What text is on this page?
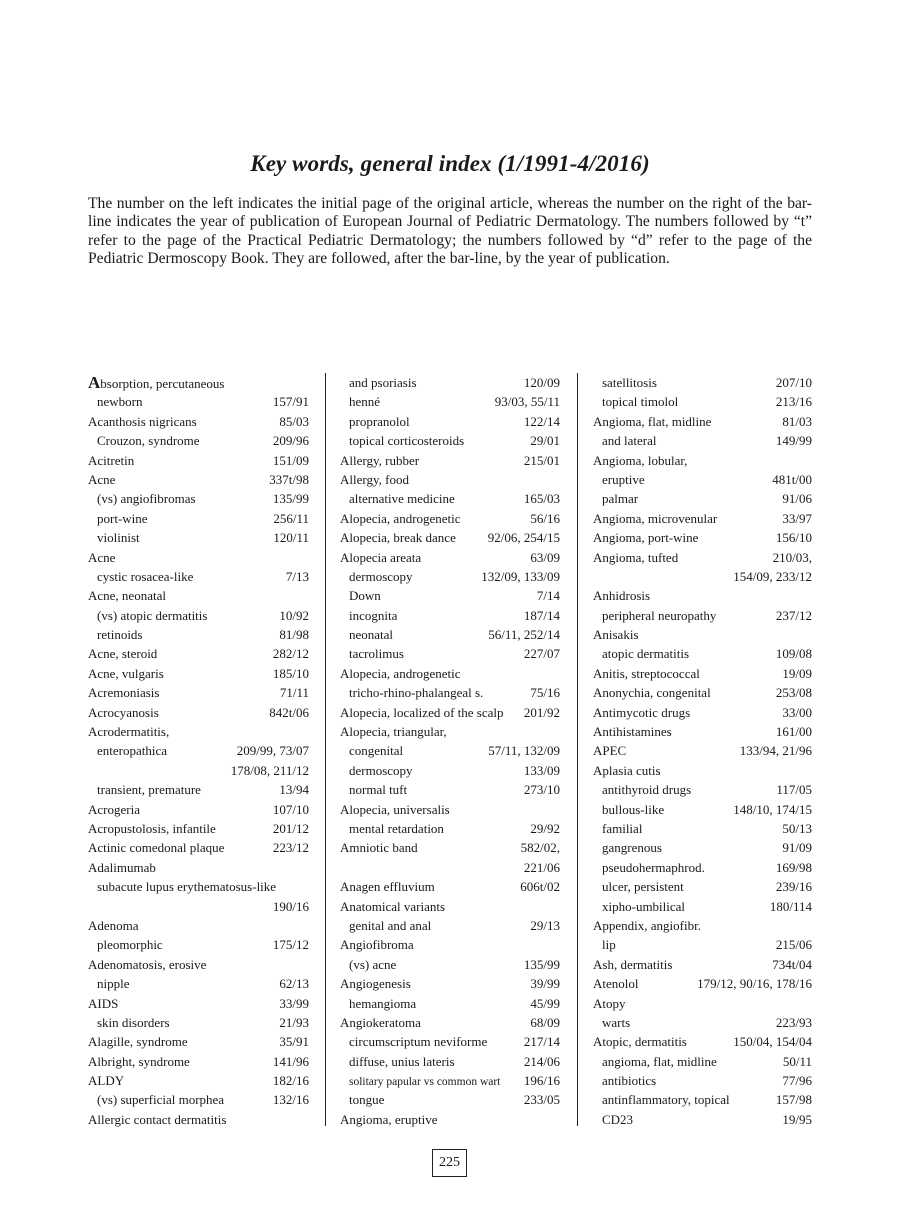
Key words, general index (1/1991-4/2016)

The number on the left indicates the initial page of the original article, whereas the number on the right of the bar-line indicates the year of publication of European Journal of Pediatric Dermatology. The numbers followed by “t” refer to the page of the Practical Pediatric Dermatology; the numbers followed by “d” refer to the page of the Pediatric Dermoscopy Book. They are followed, after the bar-line, by the year of publication.

Absorption, percutaneous
newborn	157/91
Acanthosis nigricans	85/03
Crouzon, syndrome	209/96
Acitretin	151/09
Acne	337t/98
(vs) angiofibromas	135/99
port-wine	256/11
violinist	120/11
Acne
cystic rosacea-like	7/13
Acne, neonatal
(vs) atopic dermatitis	10/92
retinoids	81/98
Acne, steroid	282/12
Acne, vulgaris	185/10
Acremoniasis	71/11
Acrocyanosis	842t/06
Acrodermatitis,
enteropathica	209/99, 73/07
178/08, 211/12
transient, premature	13/94
Acrogeria	107/10
Acropustolosis, infantile	201/12
Actinic comedonal plaque	223/12
Adalimumab
subacute lupus erythematosus-like
190/16
Adenoma
pleomorphic	175/12
Adenomatosis, erosive
nipple	62/13
AIDS	33/99
skin disorders	21/93
Alagille, syndrome	35/91
Albright, syndrome	141/96
ALDY	182/16
(vs) superficial morphea	132/16
Allergic contact dermatitis
and psoriasis	120/09
henné	93/03, 55/11
propranolol	122/14
topical corticosteroids	29/01
Allergy, rubber	215/01
Allergy, food
alternative medicine	165/03
Alopecia, androgenetic	56/16
Alopecia, break dance	92/06, 254/15
Alopecia areata	63/09
dermoscopy	132/09, 133/09
Down	7/14
incognita	187/14
neonatal	56/11, 252/14
tacrolimus	227/07
Alopecia, androgenetic
tricho-rhino-phalangeal s.	75/16
Alopecia, localized of the scalp	201/92
Alopecia, triangular,
congenital	57/11, 132/09
dermoscopy	133/09
normal tuft	273/10
Alopecia, universalis
mental retardation	29/92
Amniotic band	582/02,
221/06
Anagen effluvium	606t/02
Anatomical variants
genital and anal	29/13
Angiofibroma
(vs) acne	135/99
Angiogenesis	39/99
hemangioma	45/99
Angiokeratoma	68/09
circumscriptum neviforme	217/14
diffuse, unius lateris	214/06
solitary papular vs common wart	196/16
tongue	233/05
Angioma, eruptive
satellitosis	207/10
topical timolol	213/16
Angioma, flat, midline	81/03
and lateral	149/99
Angioma, lobular,
eruptive	481t/00
palmar	91/06
Angioma, microvenular	33/97
Angioma, port-wine	156/10
Angioma, tufted	210/03,
154/09, 233/12
Anhidrosis
peripheral neuropathy	237/12
Anisakis
atopic dermatitis	109/08
Anitis, streptococcal	19/09
Anonychia, congenital	253/08
Antimycotic drugs	33/00
Antihistamines	161/00
APEC	133/94, 21/96
Aplasia cutis
antithyroid drugs	117/05
bullous-like	148/10, 174/15
familial	50/13
gangrenous	91/09
pseudohermaphrod.	169/98
ulcer, persistent	239/16
xipho-umbilical	180/114
Appendix, angiofibr.
lip	215/06
Ash, dermatitis	734t/04
Atenolol	179/12, 90/16, 178/16
Atopy
warts	223/93
Atopic, dermatitis	150/04, 154/04
angioma, flat, midline	50/11
antibiotics	77/96
antinflammatory, topical	157/98
CD23	19/95
225
